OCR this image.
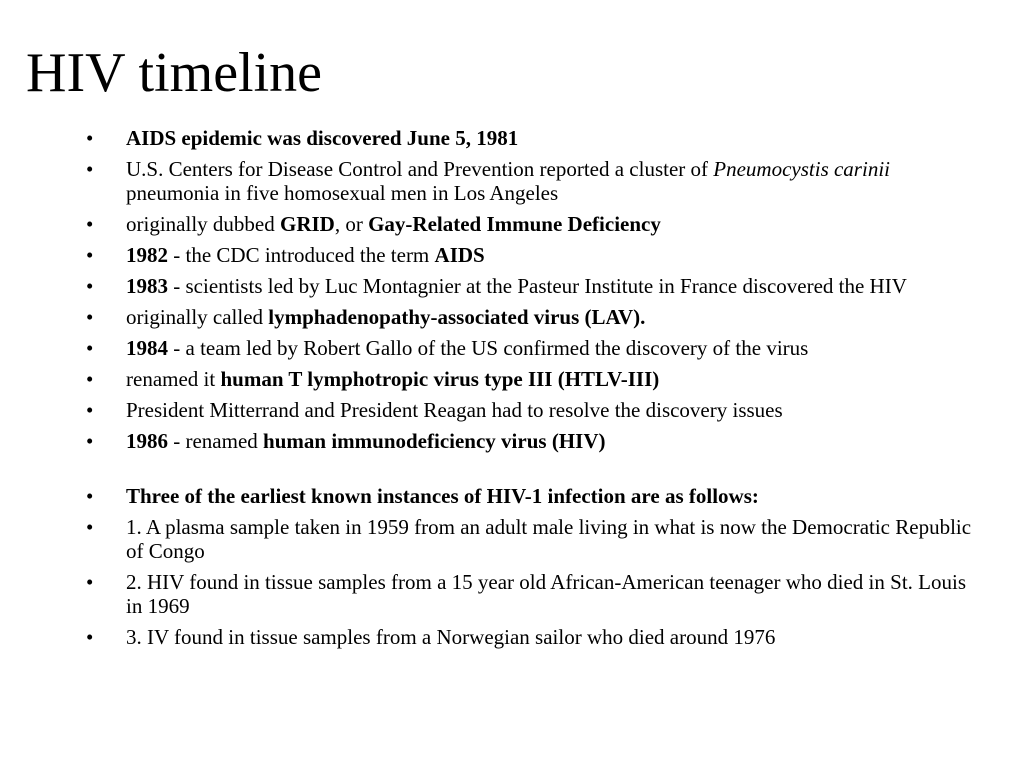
HIV timeline
• AIDS epidemic was discovered June 5, 1981
• U.S. Centers for Disease Control and Prevention reported a cluster of Pneumocystis carinii pneumonia in five homosexual men in Los Angeles
• originally dubbed GRID, or Gay-Related Immune Deficiency
• 1982 - the CDC introduced the term AIDS
• 1983 - scientists led by Luc Montagnier at the Pasteur Institute in France discovered the HIV
• originally called lymphadenopathy-associated virus (LAV).
• 1984 - a team led by Robert Gallo of the US confirmed the discovery of the virus
• renamed it human T lymphotropic virus type III (HTLV-III)
• President Mitterrand and President Reagan had to resolve the discovery issues
• 1986 - renamed human immunodeficiency virus (HIV)
• Three of the earliest known instances of HIV-1 infection are as follows:
• 1. A plasma sample taken in 1959 from an adult male living in what is now the Democratic Republic of Congo
• 2. HIV found in tissue samples from a 15 year old African-American teenager who died in St. Louis in 1969
• 3. IV found in tissue samples from a Norwegian sailor who died around 1976
